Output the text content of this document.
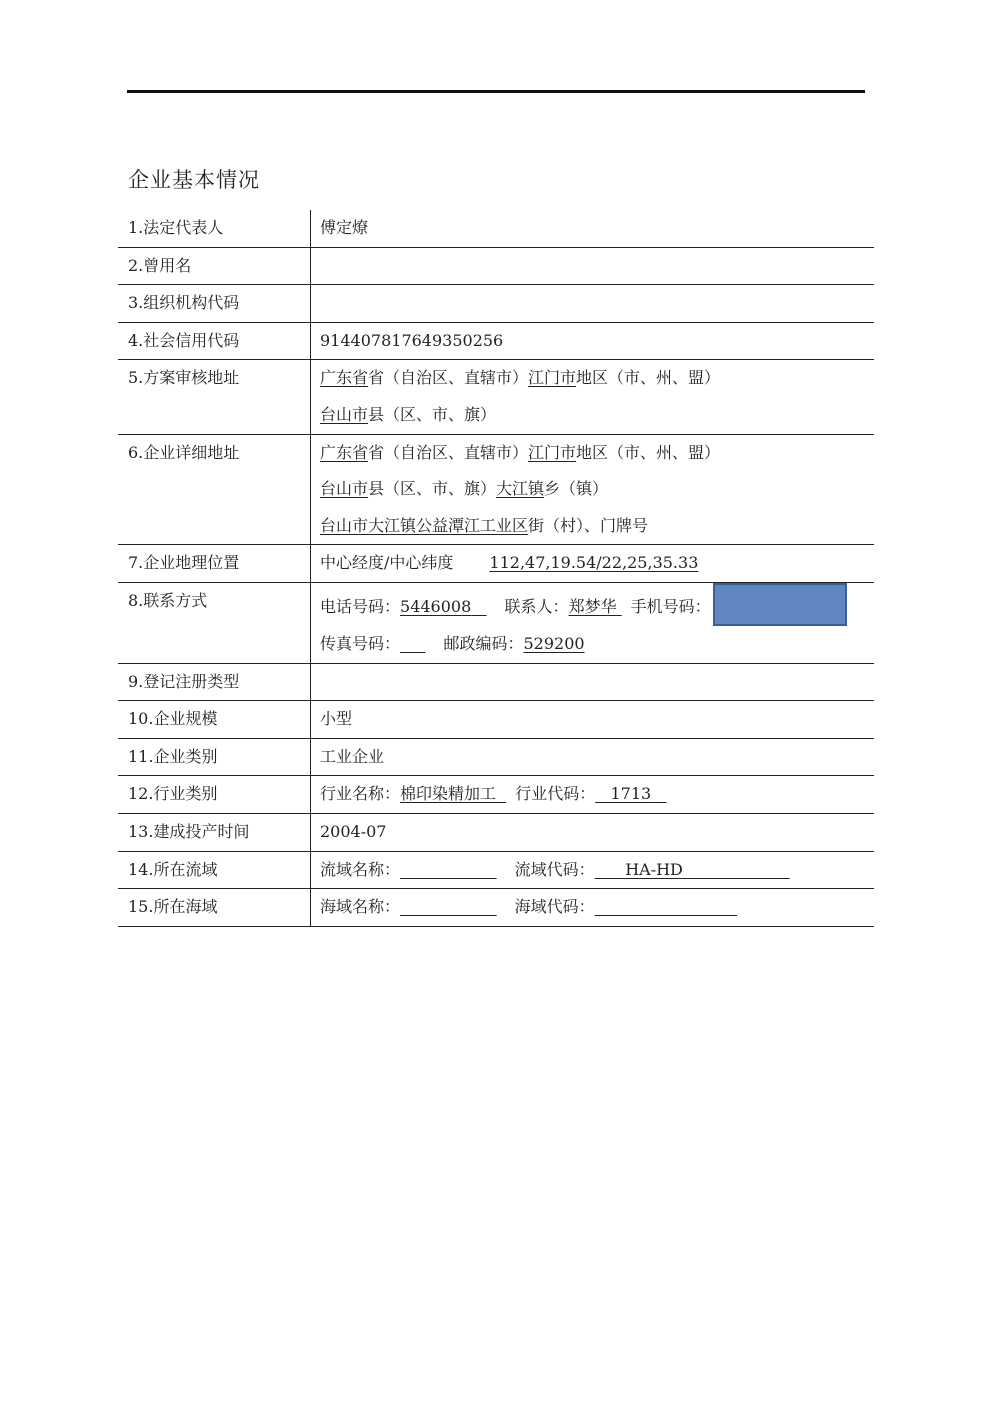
企业基本情况
1.法定代表人	傅定燎
2.曾用名	
3.组织机构代码	
4.社会信用代码	914407817649350256
5.方案审核地址	广东省省（自治区、直辖市）江门市地区（市、州、盟）
台山市县（区、市、旗）

6.企业详细地址	广东省省（自治区、直辖市）江门市地区（市、州、盟）
台山市县（区、市、旗）大江镇乡（镇）
台山市大江镇公益潭江工业区街（村）、门牌号

7.企业地理位置	中心经度/中心纬度 112,47,19.54/22,25,35.33
8.联系方式	电话号码：5446008 联系人：郑梦华 手机号码：
传真号码： 邮政编码：529200

9.登记注册类型	
10.企业规模	小型
11.企业类别	工业企业
12.行业类别	行业名称：棉印染精加工 行业代码： 1713
13.建成投产时间	2004-07
14.所在流域	流域名称： 流域代码： HA-HD
15.所在海域	海域名称： 海域代码：
